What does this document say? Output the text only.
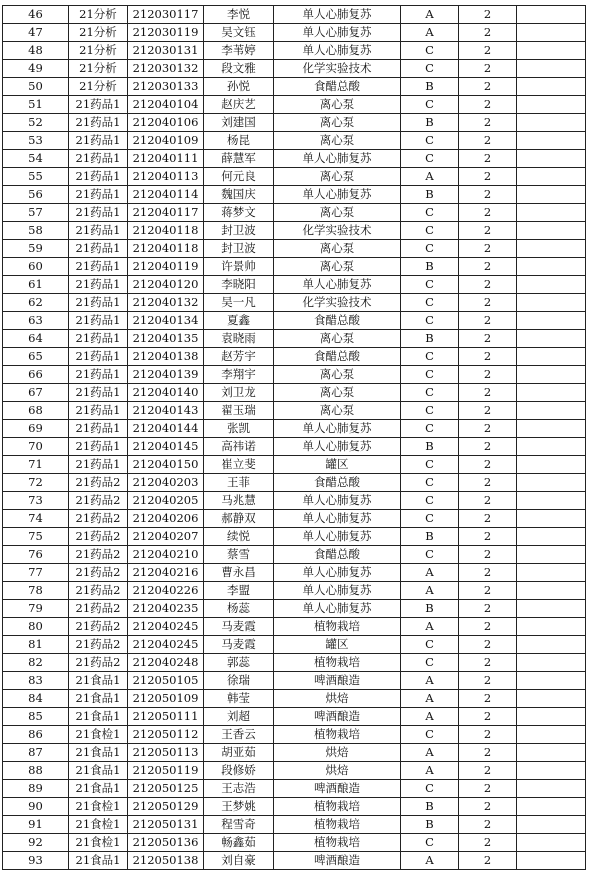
46	21分析	212030117	李悦	单人心肺复苏	A	2	
47	21分析	212030119	吴文钰	单人心肺复苏	A	2	
48	21分析	212030131	李苇婷	单人心肺复苏	C	2	
49	21分析	212030132	段文雅	化学实验技术	C	2	
50	21分析	212030133	孙悦	食醋总酸	B	2	
51	21药品1	212040104	赵庆艺	离心泵	C	2	
52	21药品1	212040106	刘建国	离心泵	B	2	
53	21药品1	212040109	杨昆	离心泵	C	2	
54	21药品1	212040111	薛慧军	单人心肺复苏	C	2	
55	21药品1	212040113	何元良	离心泵	A	2	
56	21药品1	212040114	魏国庆	单人心肺复苏	B	2	
57	21药品1	212040117	蒋梦文	离心泵	C	2	
58	21药品1	212040118	封卫波	化学实验技术	C	2	
59	21药品1	212040118	封卫波	离心泵	C	2	
60	21药品1	212040119	许景帅	离心泵	B	2	
61	21药品1	212040120	李晓阳	单人心肺复苏	C	2	
62	21药品1	212040132	吴一凡	化学实验技术	C	2	
63	21药品1	212040134	夏鑫	食醋总酸	C	2	
64	21药品1	212040135	袁晓雨	离心泵	B	2	
65	21药品1	212040138	赵芳宇	食醋总酸	C	2	
66	21药品1	212040139	李翔宇	离心泵	C	2	
67	21药品1	212040140	刘卫龙	离心泵	C	2	
68	21药品1	212040143	翟玉瑞	离心泵	C	2	
69	21药品1	212040144	张凯	单人心肺复苏	C	2	
70	21药品1	212040145	高祎诺	单人心肺复苏	B	2	
71	21药品1	212040150	崔立斐	罐区	C	2	
72	21药品2	212040203	王菲	食醋总酸	C	2	
73	21药品2	212040205	马兆慧	单人心肺复苏	C	2	
74	21药品2	212040206	郝静双	单人心肺复苏	C	2	
75	21药品2	212040207	续悦	单人心肺复苏	B	2	
76	21药品2	212040210	蔡雪	食醋总酸	C	2	
77	21药品2	212040216	曹永昌	单人心肺复苏	A	2	
78	21药品2	212040226	李盟	单人心肺复苏	A	2	
79	21药品2	212040235	杨蕊	单人心肺复苏	B	2	
80	21药品2	212040245	马麦霞	植物栽培	A	2	
81	21药品2	212040245	马麦霞	罐区	C	2	
82	21药品2	212040248	郭蕊	植物栽培	C	2	
83	21食品1	212050105	徐瑞	啤酒酿造	A	2	
84	21食品1	212050109	韩莹	烘焙	A	2	
85	21食品1	212050111	刘超	啤酒酿造	A	2	
86	21食检1	212050112	王香云	植物栽培	C	2	
87	21食品1	212050113	胡亚茹	烘焙	A	2	
88	21食品1	212050119	段修娇	烘焙	A	2	
89	21食品1	212050125	王志浩	啤酒酿造	C	2	
90	21食检1	212050129	王梦姚	植物栽培	B	2	
91	21食检1	212050131	程雪奇	植物栽培	B	2	
92	21食检1	212050136	畅鑫茹	植物栽培	C	2	
93	21食品1	212050138	刘自豪	啤酒酿造	A	2	
